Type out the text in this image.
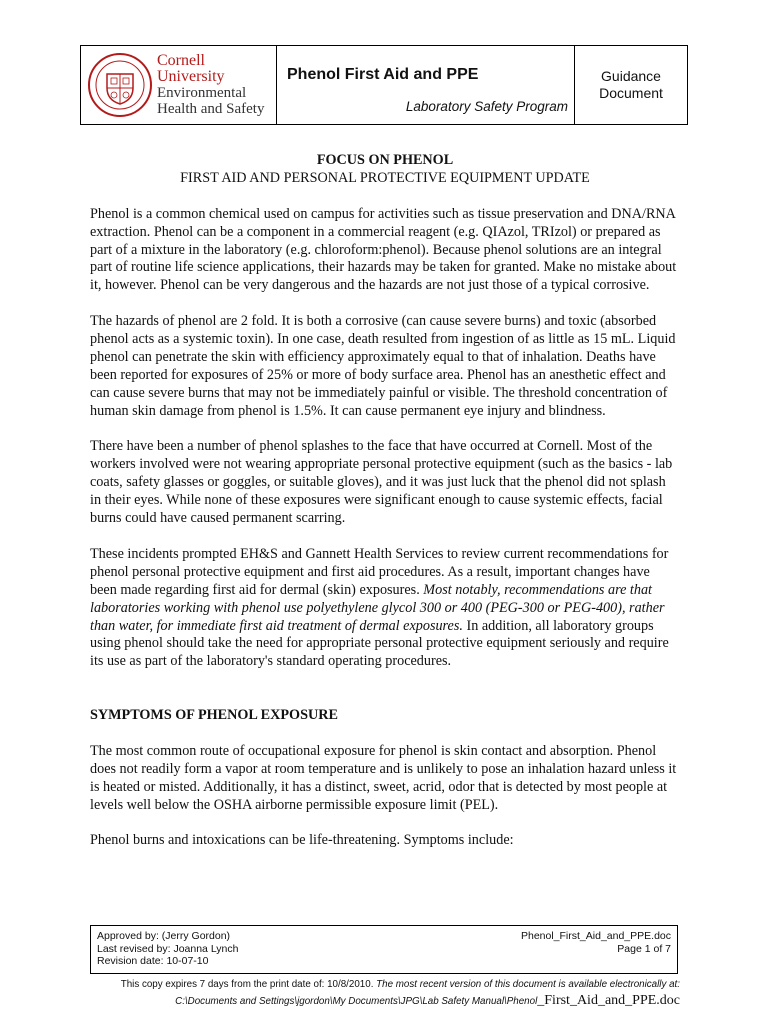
Cornell University
Environmental
Health and Safety
Phenol First Aid and PPE
Laboratory Safety Program
Guidance
Document

FOCUS ON PHENOL

FIRST AID AND PERSONAL PROTECTIVE EQUIPMENT UPDATE

Phenol is a common chemical used on campus for activities such as tissue preservation and DNA/RNA extraction. Phenol can be a component in a commercial reagent (e.g. QIAzol, TRIzol) or prepared as part of a mixture in the laboratory (e.g. chloroform:phenol). Because phenol solutions are an integral part of routine life science applications, their hazards may be taken for granted. Make no mistake about it, however. Phenol can be very dangerous and the hazards are not just those of a typical corrosive.

The hazards of phenol are 2 fold. It is both a corrosive (can cause severe burns) and toxic (absorbed phenol acts as a systemic toxin). In one case, death resulted from ingestion of as little as 15 mL. Liquid phenol can penetrate the skin with efficiency approximately equal to that of inhalation. Deaths have been reported for exposures of 25% or more of body surface area. Phenol has an anesthetic effect and can cause severe burns that may not be immediately painful or visible. The threshold concentration of human skin damage from phenol is 1.5%. It can cause permanent eye injury and blindness.

There have been a number of phenol splashes to the face that have occurred at Cornell. Most of the workers involved were not wearing appropriate personal protective equipment (such as the basics - lab coats, safety glasses or goggles, or suitable gloves), and it was just luck that the phenol did not splash in their eyes. While none of these exposures were significant enough to cause systemic effects, facial burns could have caused permanent scarring.

These incidents prompted EH&S and Gannett Health Services to review current recommendations for phenol personal protective equipment and first aid procedures. As a result, important changes have been made regarding first aid for dermal (skin) exposures. Most notably, recommendations are that laboratories working with phenol use polyethylene glycol 300 or 400 (PEG-300 or PEG-400), rather than water, for immediate first aid treatment of dermal exposures. In addition, all laboratory groups using phenol should take the need for appropriate personal protective equipment seriously and require its use as part of the laboratory's standard operating procedures.

SYMPTOMS OF PHENOL EXPOSURE

The most common route of occupational exposure for phenol is skin contact and absorption. Phenol does not readily form a vapor at room temperature and is unlikely to pose an inhalation hazard unless it is heated or misted. Additionally, it has a distinct, sweet, acrid, odor that is detected by most people at levels well below the OSHA airborne permissible exposure limit (PEL).

Phenol burns and intoxications can be life-threatening. Symptoms include:

Approved by: (Jerry Gordon)
Last revised by: Joanna Lynch
Revision date: 10-07-10
Phenol_First_Aid_and_PPE.doc
Page 1 of 7
This copy expires 7 days from the print date of: 10/8/2010. The most recent version of this document is available electronically at:
C:\Documents and Settings\jgordon\My Documents\JPG\Lab Safety Manual\Phenol_First_Aid_and_PPE.doc
